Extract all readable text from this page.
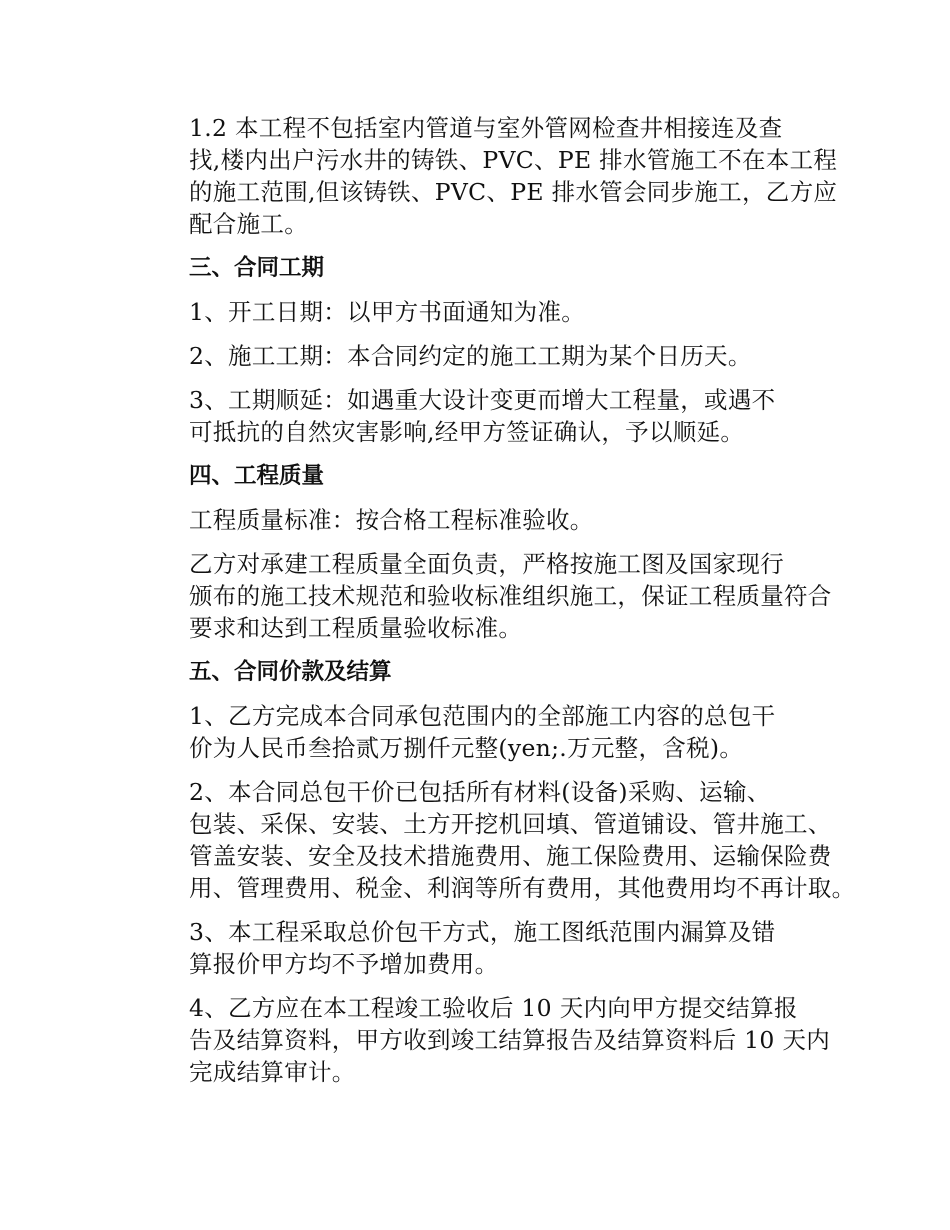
1.2 本工程不包括室内管道与室外管网检查井相接连及查
找,楼内出户污水井的铸铁、PVC、PE 排水管施工不在本工程
的施工范围,但该铸铁、PVC、PE 排水管会同步施工，乙方应
配合施工。

三、合同工期

1、开工日期：以甲方书面通知为准。

2、施工工期：本合同约定的施工工期为某个日历天。

3、工期顺延：如遇重大设计变更而增大工程量，或遇不
可抵抗的自然灾害影响,经甲方签证确认，予以顺延。

四、工程质量

工程质量标准：按合格工程标准验收。

乙方对承建工程质量全面负责，严格按施工图及国家现行
颁布的施工技术规范和验收标准组织施工，保证工程质量符合
要求和达到工程质量验收标准。

五、合同价款及结算

1、乙方完成本合同承包范围内的全部施工内容的总包干
价为人民币叁拾贰万捌仟元整(yen;.万元整，含税)。

2、本合同总包干价已包括所有材料(设备)采购、运输、
包装、采保、安装、土方开挖机回填、管道铺设、管井施工、
管盖安装、安全及技术措施费用、施工保险费用、运输保险费
用、管理费用、税金、利润等所有费用，其他费用均不再计取。

3、本工程采取总价包干方式，施工图纸范围内漏算及错
算报价甲方均不予增加费用。

4、乙方应在本工程竣工验收后 10 天内向甲方提交结算报
告及结算资料，甲方收到竣工结算报告及结算资料后 10 天内
完成结算审计。
